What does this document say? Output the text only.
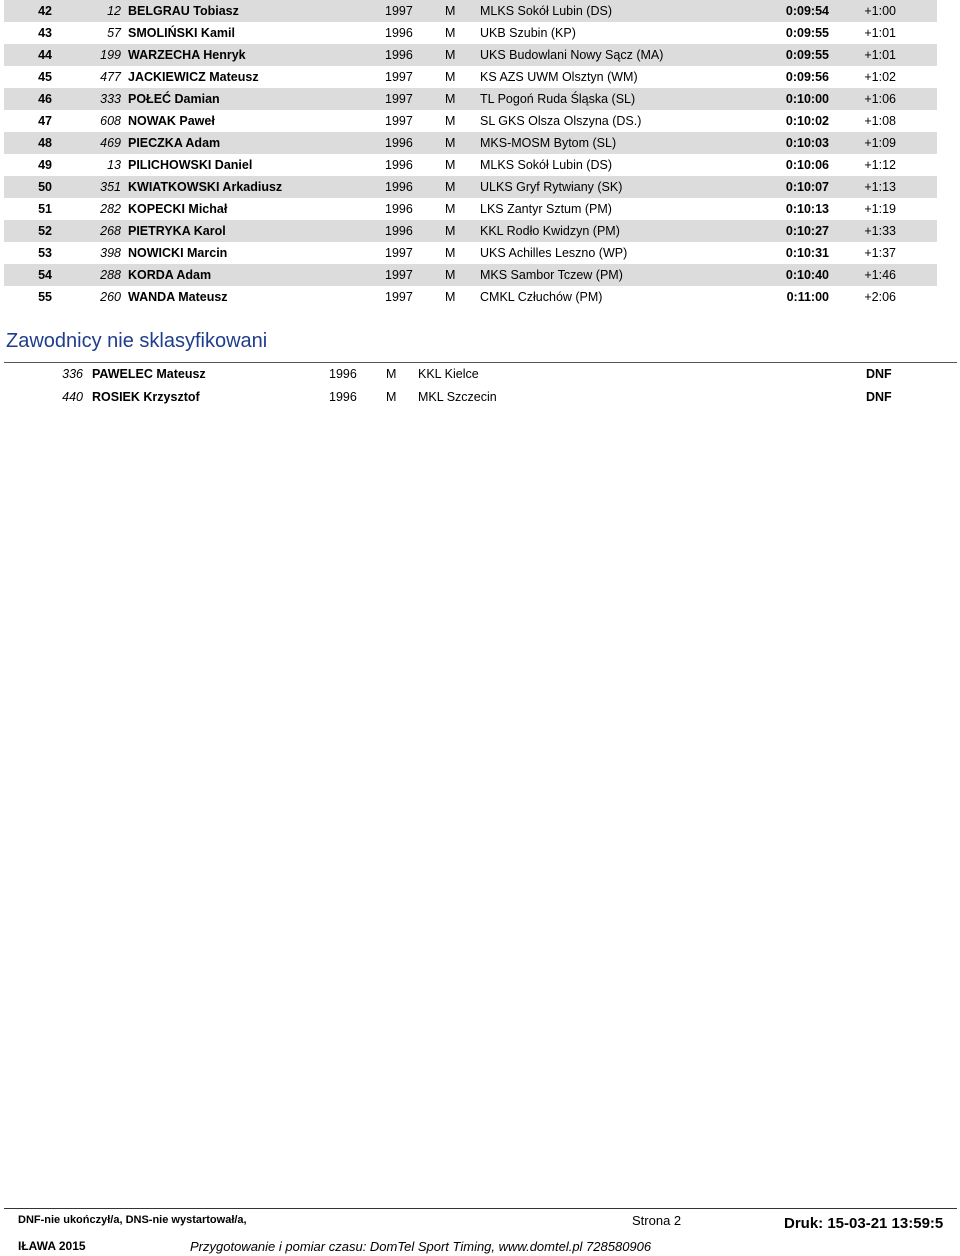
42	12 BELGRAU Tobiasz	1997	M MLKS Sokół Lubin (DS)	0:09:54	+1:00
43	57 SMOLIŃSKI Kamil	1996	M UKB Szubin (KP)	0:09:55	+1:01
44	199 WARZECHA Henryk	1996	M UKS Budowlani Nowy Sącz (MA)	0:09:55	+1:01
45	477 JACKIEWICZ Mateusz	1997	M KS AZS UWM Olsztyn (WM)	0:09:56	+1:02
46	333 POŁEĆ Damian	1997	M TL Pogoń Ruda Śląska (SL)	0:10:00	+1:06
47	608 NOWAK Paweł	1997	M SL GKS Olsza Olszyna (DS.)	0:10:02	+1:08
48	469 PIECZKA Adam	1996	M MKS-MOSM Bytom (SL)	0:10:03	+1:09
49	13 PILICHOWSKI Daniel	1996	M MLKS Sokół Lubin (DS)	0:10:06	+1:12
50	351 KWIATKOWSKI Arkadiusz	1996	M ULKS Gryf Rytwiany (SK)	0:10:07	+1:13
51	282 KOPECKI Michał	1996	M LKS Zantyr Sztum (PM)	0:10:13	+1:19
52	268 PIETRYKA Karol	1996	M KKL Rodło Kwidzyn (PM)	0:10:27	+1:33
53	398 NOWICKI Marcin	1997	M UKS Achilles Leszno (WP)	0:10:31	+1:37
54	288 KORDA Adam	1997	M MKS Sambor Tczew (PM)	0:10:40	+1:46
55	260 WANDA Mateusz	1997	M CMKL Człuchów (PM)	0:11:00	+2:06
Zawodnicy nie sklasyfikowani
336 PAWELEC Mateusz	1996 M KKL Kielce	DNF
440 ROSIEK Krzysztof	1996 M MKL Szczecin	DNF
DNF-nie ukończył/a, DNS-nie wystartował/a,	Strona 2	Druk: 15-03-21 13:59:5
IŁAWA 2015	Przygotowanie i pomiar czasu: DomTel Sport Timing, www.domtel.pl 728580906
